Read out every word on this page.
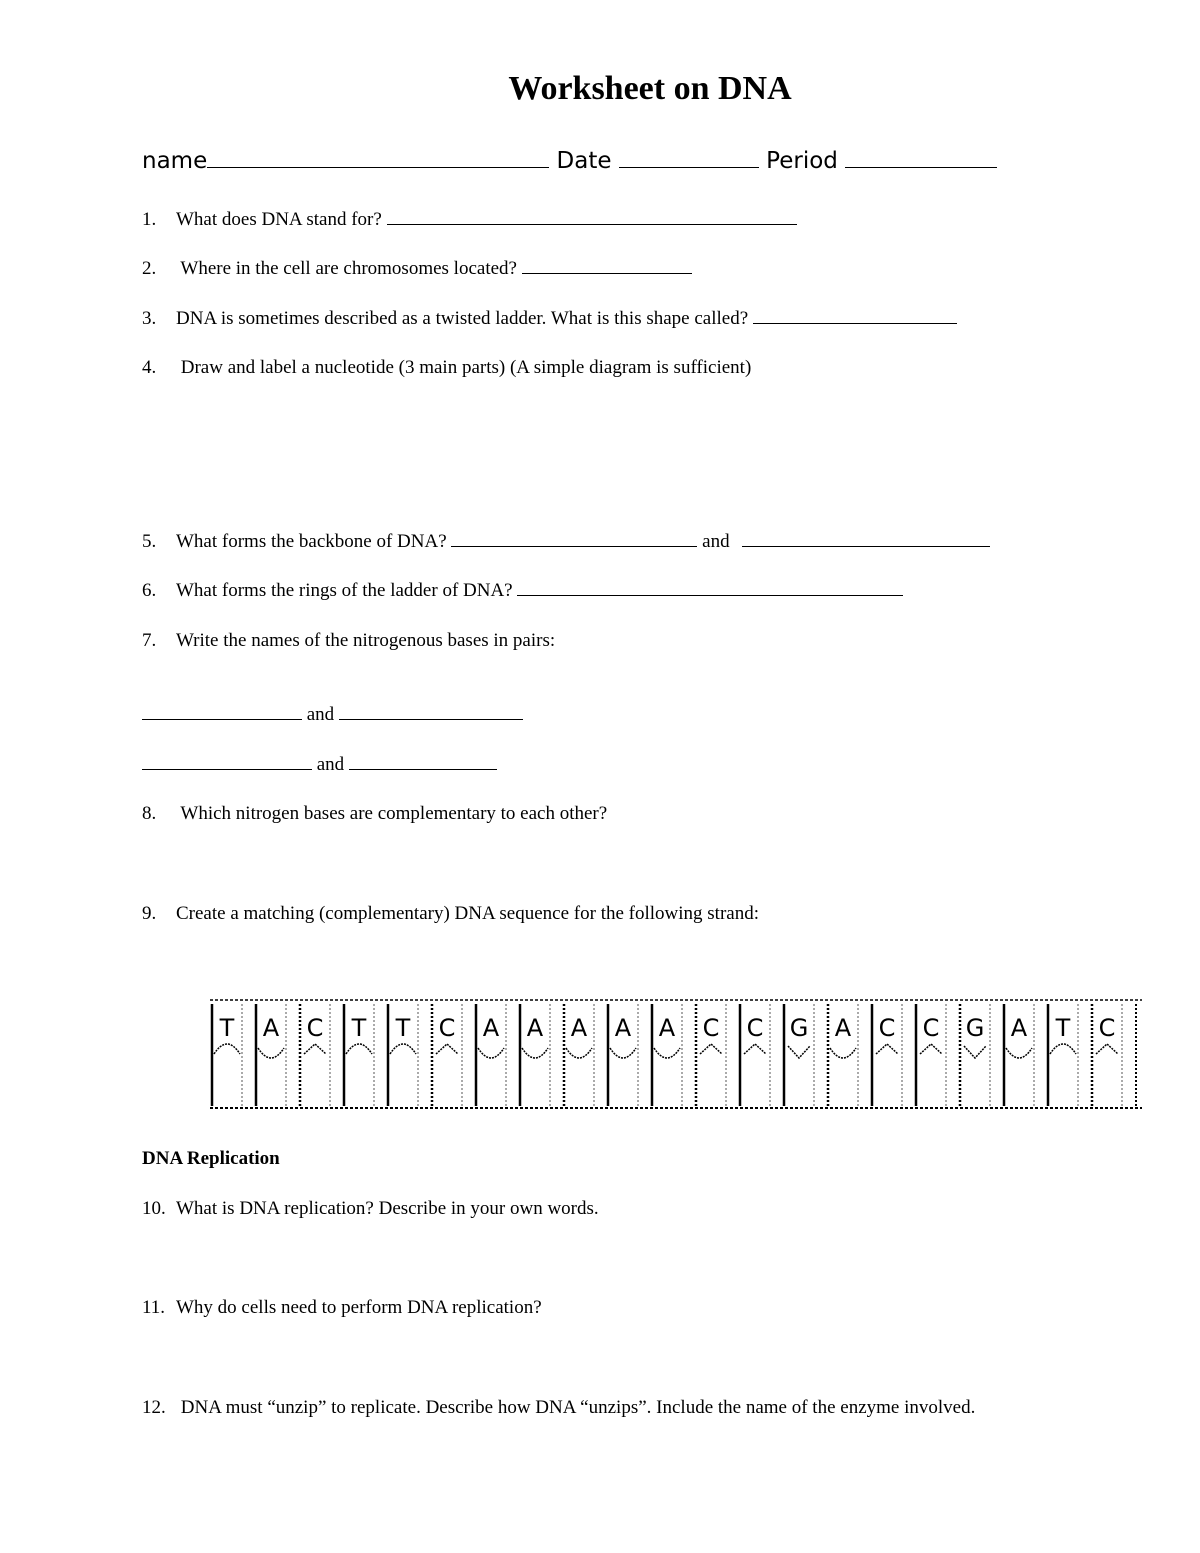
Worksheet on DNA
name	Date	Period
1. What does DNA stand for?
2. Where in the cell are chromosomes located?
3. DNA is sometimes described as a twisted ladder. What is this shape called?
4. Draw and label a nucleotide (3 main parts) (A simple diagram is sufficient)
5. What forms the backbone of DNA?	and
6. What forms the rings of the ladder of DNA?
7. Write the names of the nitrogenous bases in pairs:
and
and
8. Which nitrogen bases are complementary to each other?
9. Create a matching (complementary) DNA sequence for the following strand:
T A C T T C A A A A A C C G A C C G A T C
DNA Replication
10. What is DNA replication? Describe in your own words.
11. Why do cells need to perform DNA replication?
12. DNA must “unzip” to replicate. Describe how DNA “unzips”. Include the name of the enzyme involved.
